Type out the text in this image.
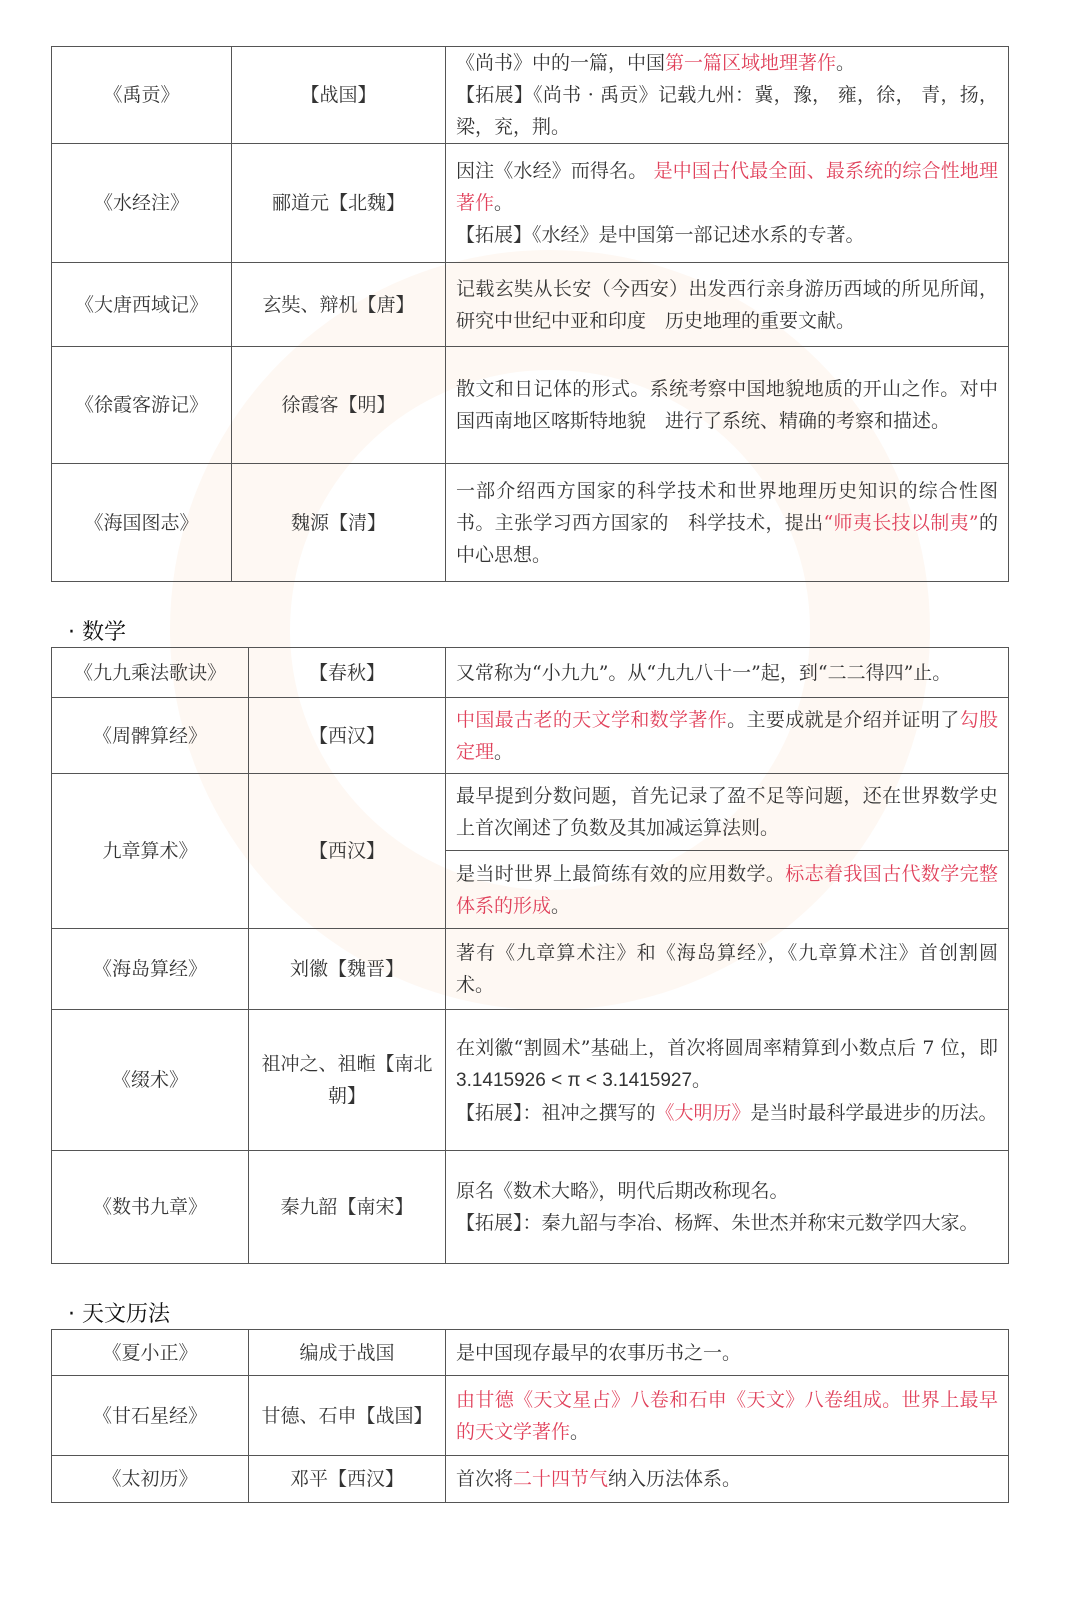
《禹贡》	【战国】	《尚书》中的一篇，中国第一篇区域地理著作。
【拓展】《尚书 · 禹贡》记载九州：冀，豫， 雍，徐， 青，扬，梁，兖，荆。
《水经注》	郦道元【北魏】	因注《水经》而得名。 是中国古代最全面、最系统的综合性地理著作。
【拓展】《水经》是中国第一部记述水系的专著。
《大唐西域记》	玄奘、辩机【唐】	记载玄奘从长安（今西安）出发西行亲身游历西域的所见所闻，研究中世纪中亚和印度　历史地理的重要文献。
《徐霞客游记》	徐霞客【明】	散文和日记体的形式。系统考察中国地貌地质的开山之作。对中国西南地区喀斯特地貌　进行了系统、精确的考察和描述。
《海国图志》	魏源【清】	一部介绍西方国家的科学技术和世界地理历史知识的综合性图书。主张学习西方国家的　科学技术，提出“师夷长技以制夷”的中心思想。
· 数学
《九九乘法歌诀》	【春秋】	又常称为“小九九”。从“九九八十一”起，到“二二得四”止。
《周髀算经》	【西汉】	中国最古老的天文学和数学著作。主要成就是介绍并证明了勾股定理。
九章算术》	【西汉】	最早提到分数问题，首先记录了盈不足等问题，还在世界数学史上首次阐述了负数及其加减运算法则。
		是当时世界上最简练有效的应用数学。标志着我国古代数学完整体系的形成。
《海岛算经》	刘徽【魏晋】	著有《九章算术注》和《海岛算经》，《九章算术注》首创割圆术。
《缀术》	祖冲之、祖暅【南北朝】	在刘徽“割圆术”基础上，首次将圆周率精算到小数点后 7 位，即 3.1415926 < π < 3.1415927。
【拓展】：祖冲之撰写的《大明历》是当时最科学最进步的历法。
《数书九章》	秦九韶【南宋】	原名《数术大略》，明代后期改称现名。
【拓展】：秦九韶与李冶、杨辉、朱世杰并称宋元数学四大家。
· 天文历法
《夏小正》	编成于战国	是中国现存最早的农事历书之一。
《甘石星经》	甘德、石申【战国】	由甘德《天文星占》八卷和石申《天文》八卷组成。世界上最早的天文学著作。
《太初历》	邓平【西汉】	首次将二十四节气纳入历法体系。
